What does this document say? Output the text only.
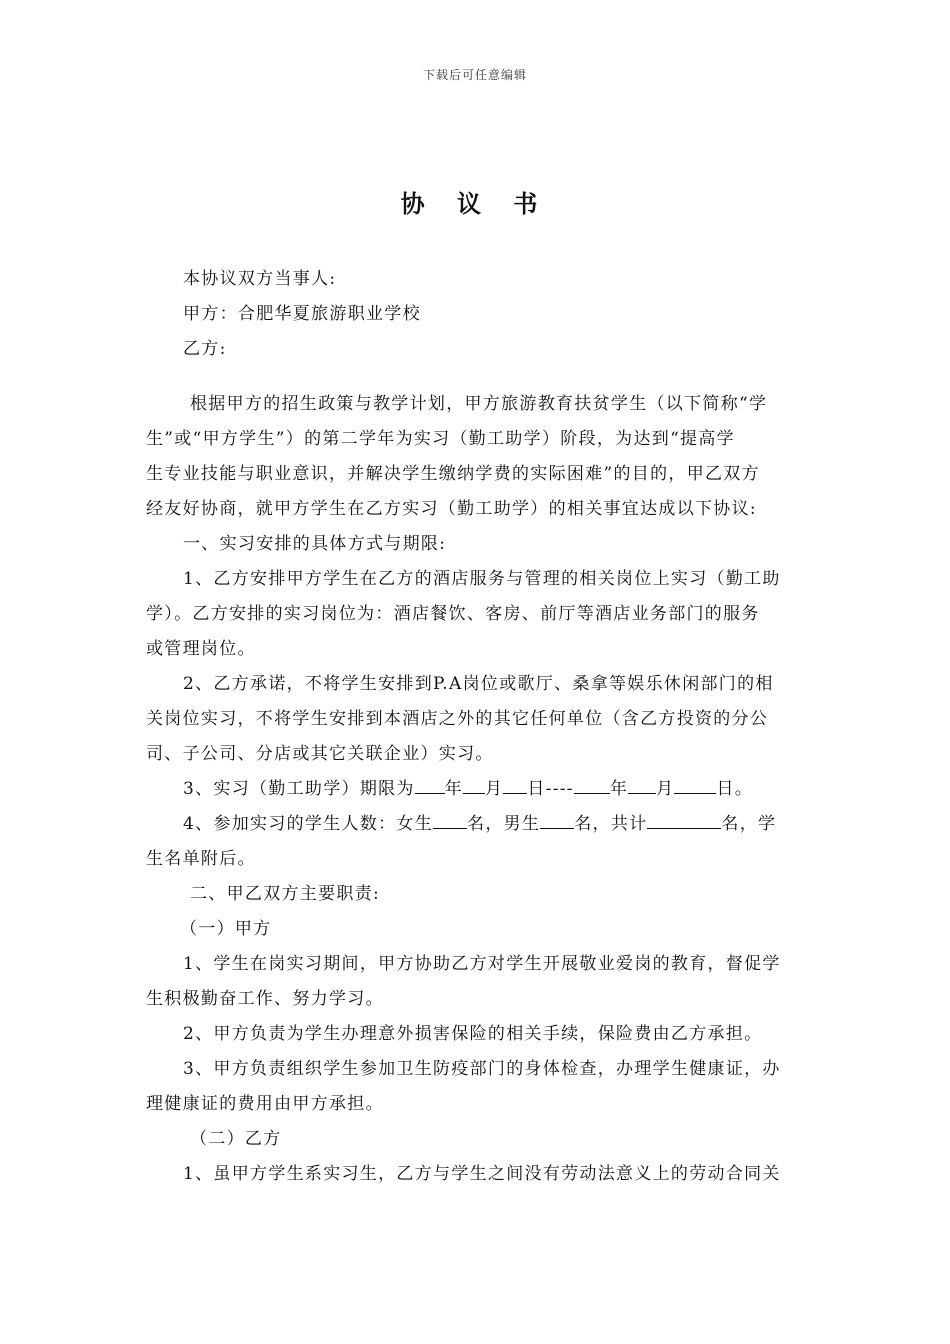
下载后可任意编辑
协 议 书
本协议双方当事人:
甲方：合肥华夏旅游职业学校
乙方:
根据甲方的招生政策与教学计划，甲方旅游教育扶贫学生（以下简称“学
生”或“甲方学生”）的第二学年为实习（勤工助学）阶段，为达到“提高学
生专业技能与职业意识，并解决学生缴纳学费的实际困难”的目的，甲乙双方
经友好协商，就甲方学生在乙方实习（勤工助学）的相关事宜达成以下协议:
一、实习安排的具体方式与期限:
1、乙方安排甲方学生在乙方的酒店服务与管理的相关岗位上实习（勤工助
学）。乙方安排的实习岗位为：酒店餐饮、客房、前厅等酒店业务部门的服务
或管理岗位。
2、乙方承诺，不将学生安排到P.A岗位或歌厅、桑拿等娱乐休闲部门的相
关岗位实习，不将学生安排到本酒店之外的其它任何单位（含乙方投资的分公
司、子公司、分店或其它关联企业）实习。
3、实习（勤工助学）期限为 年 月 日---- 年 月 日。
4、参加实习的学生人数：女生 名，男生 名，共计	名，学
生名单附后。
二、甲乙双方主要职责:
（一）甲方
1、学生在岗实习期间，甲方协助乙方对学生开展敬业爱岗的教育，督促学
生积极勤奋工作、努力学习。
2、甲方负责为学生办理意外损害保险的相关手续，保险费由乙方承担。
3、甲方负责组织学生参加卫生防疫部门的身体检查，办理学生健康证，办
理健康证的费用由甲方承担。
（二）乙方
1、虽甲方学生系实习生，乙方与学生之间没有劳动法意义上的劳动合同关
